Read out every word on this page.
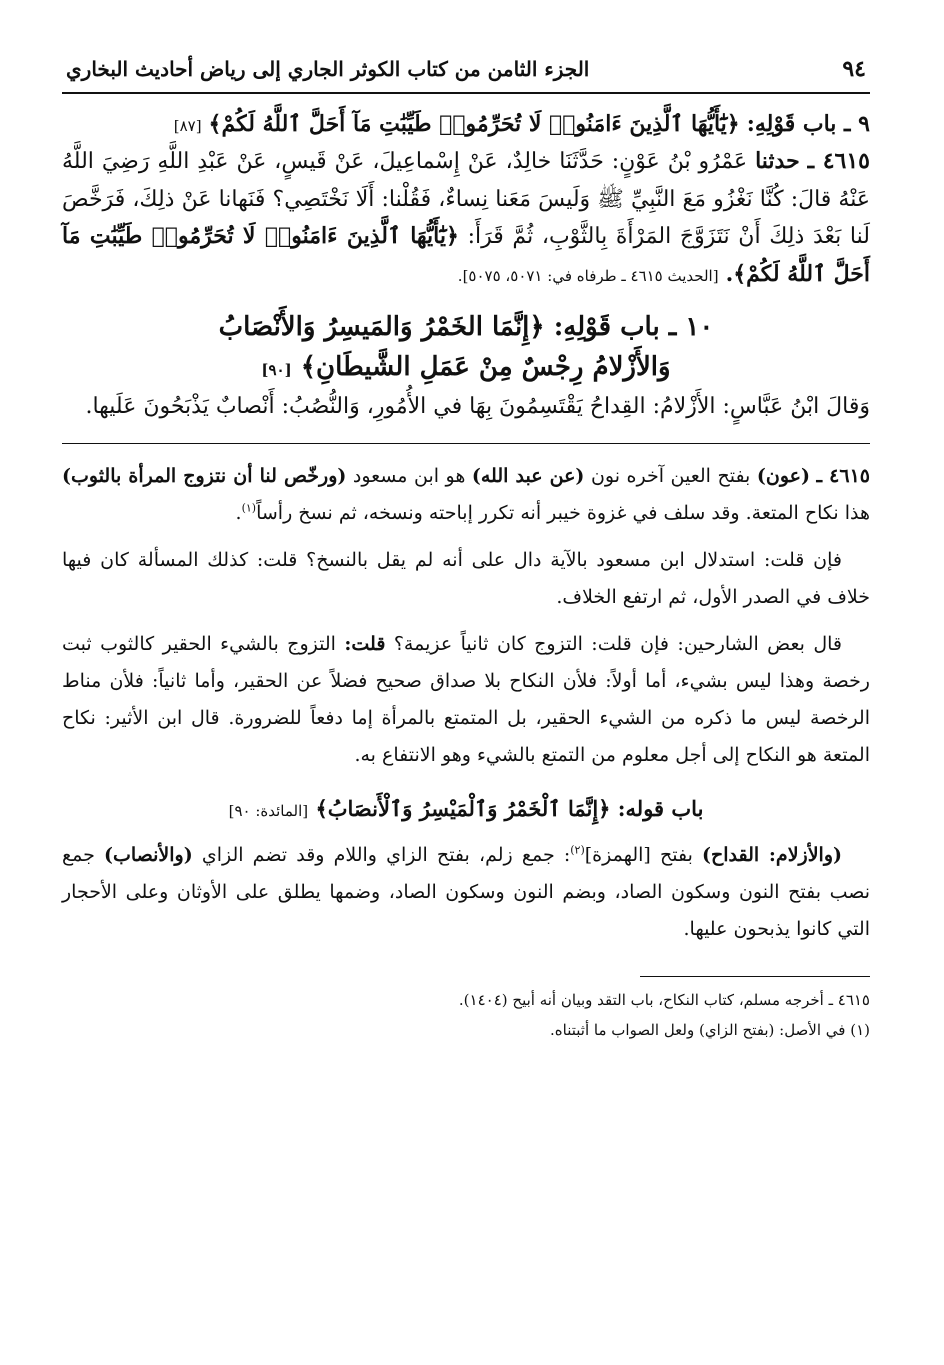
٩٤
الجزء الثامن من كتاب الكوثر الجاري إلى رياض أحاديث البخاري
٩ ـ باب قَوْلِهِ: ﴿يَٰٓأَيُّهَا ٱلَّذِينَ ءَامَنُوا۟ لَا تُحَرِّمُوا۟ طَيِّبَٰتِ مَآ أَحَلَّ ٱللَّهُ لَكُمْ﴾ [٨٧]
٤٦١٥ ـ حدثنا عَمْرُو بْنُ عَوْنٍ: حَدَّثَنَا خالِدٌ، عَنْ إِسْماعِيلَ، عَنْ قَيسٍ، عَنْ عَبْدِ اللَّهِ رَضِيَ اللَّهُ عَنْهُ قالَ: كُنَّا نَغْزُو مَعَ النَّبِيِّ ﷺ وَلَيسَ مَعَنا نِساءٌ، فَقُلْنا: أَلَا نَخْتَصِي؟ فَنَهانا عَنْ ذلِكَ، فَرَخَّصَ لَنا بَعْدَ ذلِكَ أَنْ نَتَزَوَّجَ المَرْأَةَ بِالثَّوْبِ، ثُمَّ قَرَأَ: ﴿يَٰٓأَيُّهَا ٱلَّذِينَ ءَامَنُوا۟ لَا تُحَرِّمُوا۟ طَيِّبَٰتِ مَآ أَحَلَّ ٱللَّهُ لَكُمْ﴾. [الحديث ٤٦١٥ ـ طرفاه في: ٥٠٧١، ٥٠٧٥].
١٠ ـ باب قَوْلِهِ: ﴿إِنَّمَا الخَمْرُ وَالمَيسِرُ وَالأَنْصَابُ
وَالأَزْلامُ رِجْسٌ مِنْ عَمَلِ الشَّيطَانِ﴾ [٩٠]
وَقالَ ابْنُ عَبَّاسٍ: الأَزْلامُ: القِداحُ يَقْتَسِمُونَ بِهَا في الأُمُورِ، وَالنُّصُبُ: أَنْصابٌ يَذْبَحُونَ عَلَيها.

٤٦١٥ ـ (عون) بفتح العين آخره نون (عن عبد الله) هو ابن مسعود (ورخّص لنا أن نتزوج المرأة بالثوب) هذا نكاح المتعة. وقد سلف في غزوة خيبر أنه تكرر إباحته ونسخه، ثم نسخ رأساً$^{(١)}$.

فإن قلت: استدلال ابن مسعود بالآية دال على أنه لم يقل بالنسخ؟ قلت: كذلك المسألة كان فيها خلاف في الصدر الأول، ثم ارتفع الخلاف.

قال بعض الشارحين: فإن قلت: التزوج كان ثانياً عزيمة؟ قلت: التزوج بالشيء الحقير كالثوب ثبت رخصة وهذا ليس بشيء، أما أولاً: فلأن النكاح بلا صداق صحيح فضلاً عن الحقير، وأما ثانياً: فلأن مناط الرخصة ليس ما ذكره من الشيء الحقير، بل المتمتع بالمرأة إما دفعاً للضرورة. قال ابن الأثير: نكاح المتعة هو النكاح إلى أجل معلوم من التمتع بالشيء وهو الانتفاع به.

باب قوله: ﴿إِنَّمَا ٱلْخَمْرُ وَٱلْمَيْسِرُ وَٱلْأَنصَابُ﴾ [المائدة: ٩٠]

(والأزلام: القداح) بفتح [الهمزة]$^{(٢)}$: جمع زلم، بفتح الزاي واللام وقد تضم الزاي (والأنصاب) جمع نصب بفتح النون وسكون الصاد، وبضم النون وسكون الصاد، وضمها يطلق على الأوثان وعلى الأحجار التي كانوا يذبحون عليها.

٤٦١٥ ـ أخرجه مسلم، كتاب النكاح، باب التقد وبيان أنه أبيح (١٤٠٤).
(١) في الأصل: (بفتح الزاي) ولعل الصواب ما أثبتناه.
